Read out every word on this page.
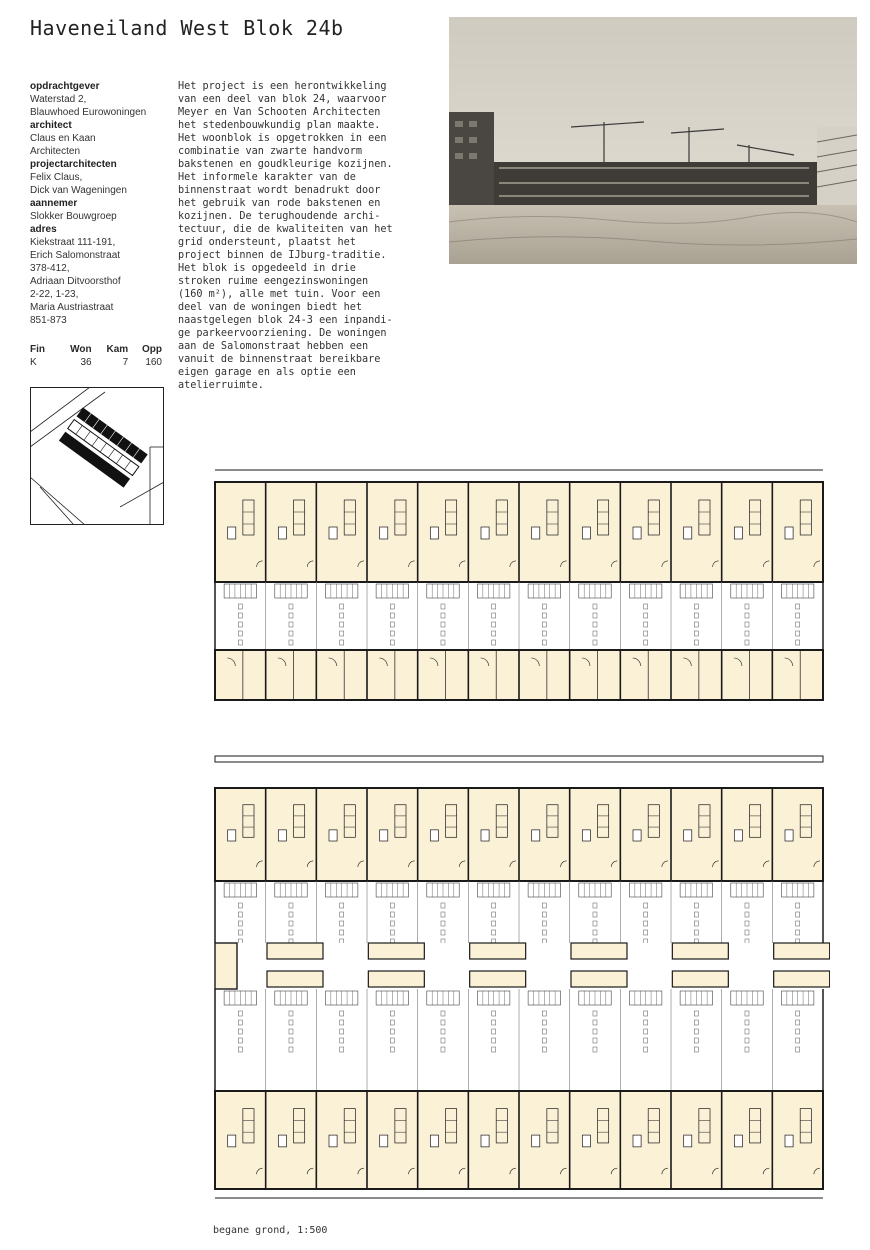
Haveneiland West Blok 24b
opdrachtgever
Waterstad 2,
Blauwhoed Eurowoningen
architect
Claus en Kaan
Architecten
projectarchitecten
Felix Claus,
Dick van Wageningen
aannemer
Slokker Bouwgroep
adres
Kiekstraat 111-191,
Erich Salomonstraat
378-412,
Adriaan Ditvoorsthof
2-22, 1-23,
Maria Austriastraat
851-873
Fin	Won	Kam	Opp
K	36	7	160

Het project is een herontwikkeling
van een deel van blok 24, waarvoor
Meyer en Van Schooten Architecten
het stedenbouwkundig plan maakte.
Het woonblok is opgetrokken in een
combinatie van zwarte handvorm
bakstenen en goudkleurige kozijnen.
Het informele karakter van de
binnenstraat wordt benadrukt door
het gebruik van rode bakstenen en
kozijnen. De terughoudende archi-
tectuur, die de kwaliteiten van het
grid ondersteunt, plaatst het
project binnen de IJburg-traditie.
Het blok is opgedeeld in drie
stroken ruime eengezinswoningen
(160 m²), alle met tuin. Voor een
deel van de woningen biedt het
naastgelegen blok 24-3 een inpandi-
ge parkeervoorziening. De woningen
aan de Salomonstraat hebben een
vanuit de binnenstraat bereikbare
eigen garage en als optie een
atelierruimte.

begane grond, 1:500
